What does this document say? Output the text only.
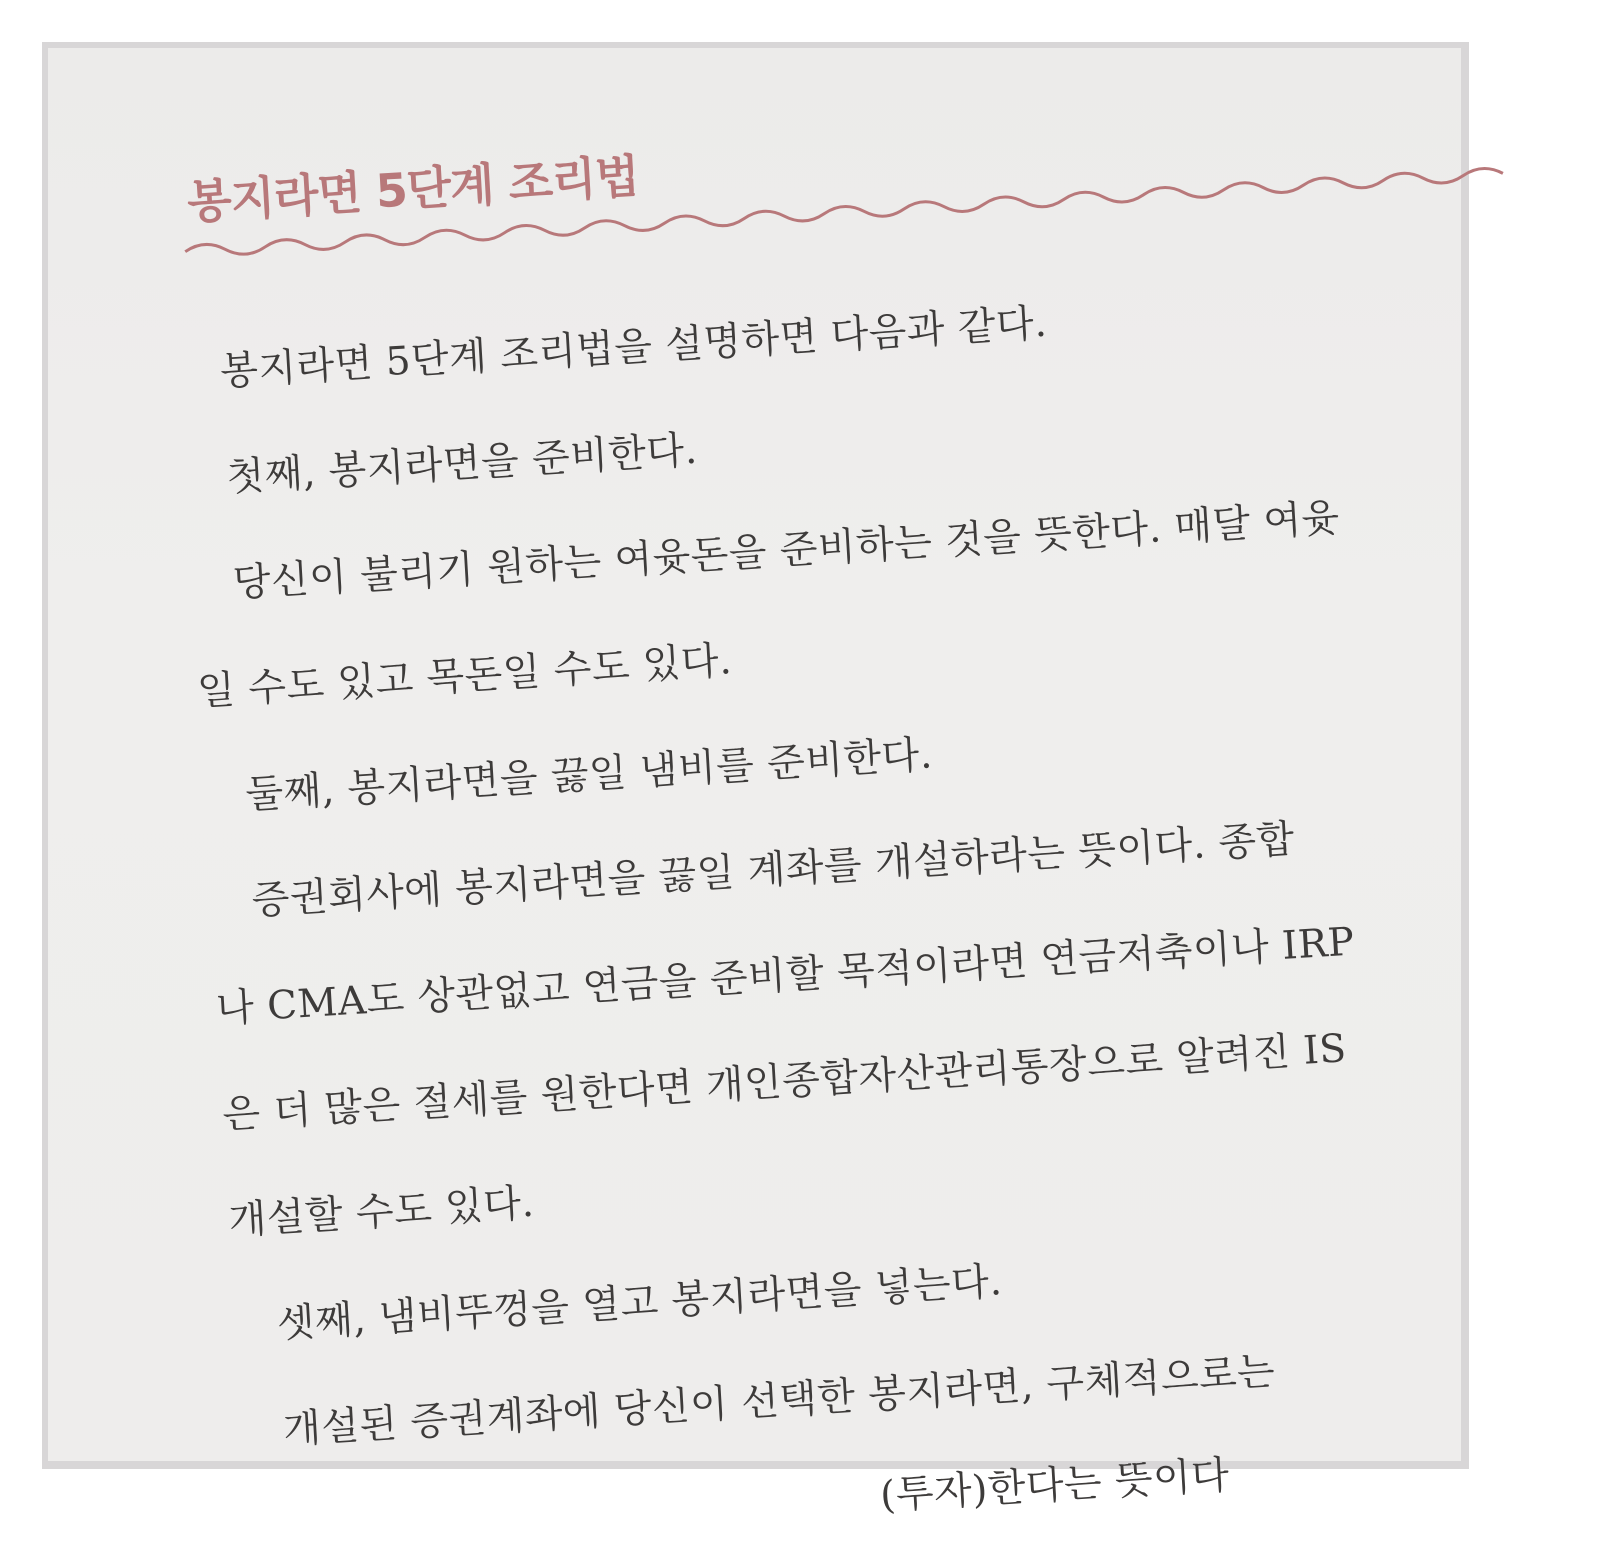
봉지라면 5단계 조리법
봉지라면 5단계 조리법을 설명하면 다음과 같다.
첫째, 봉지라면을 준비한다.
당신이 불리기 원하는 여윳돈을 준비하는 것을 뜻한다. 매달 여윳
일 수도 있고 목돈일 수도 있다.
둘째, 봉지라면을 끓일 냄비를 준비한다.
증권회사에 봉지라면을 끓일 계좌를 개설하라는 뜻이다. 종합
나 CMA도 상관없고 연금을 준비할 목적이라면 연금저축이나 IRP
은 더 많은 절세를 원한다면 개인종합자산관리통장으로 알려진 IS
개설할 수도 있다.
셋째, 냄비뚜껑을 열고 봉지라면을 넣는다.
개설된 증권계좌에 당신이 선택한 봉지라면, 구체적으로는
(투자)한다는 뜻이다
